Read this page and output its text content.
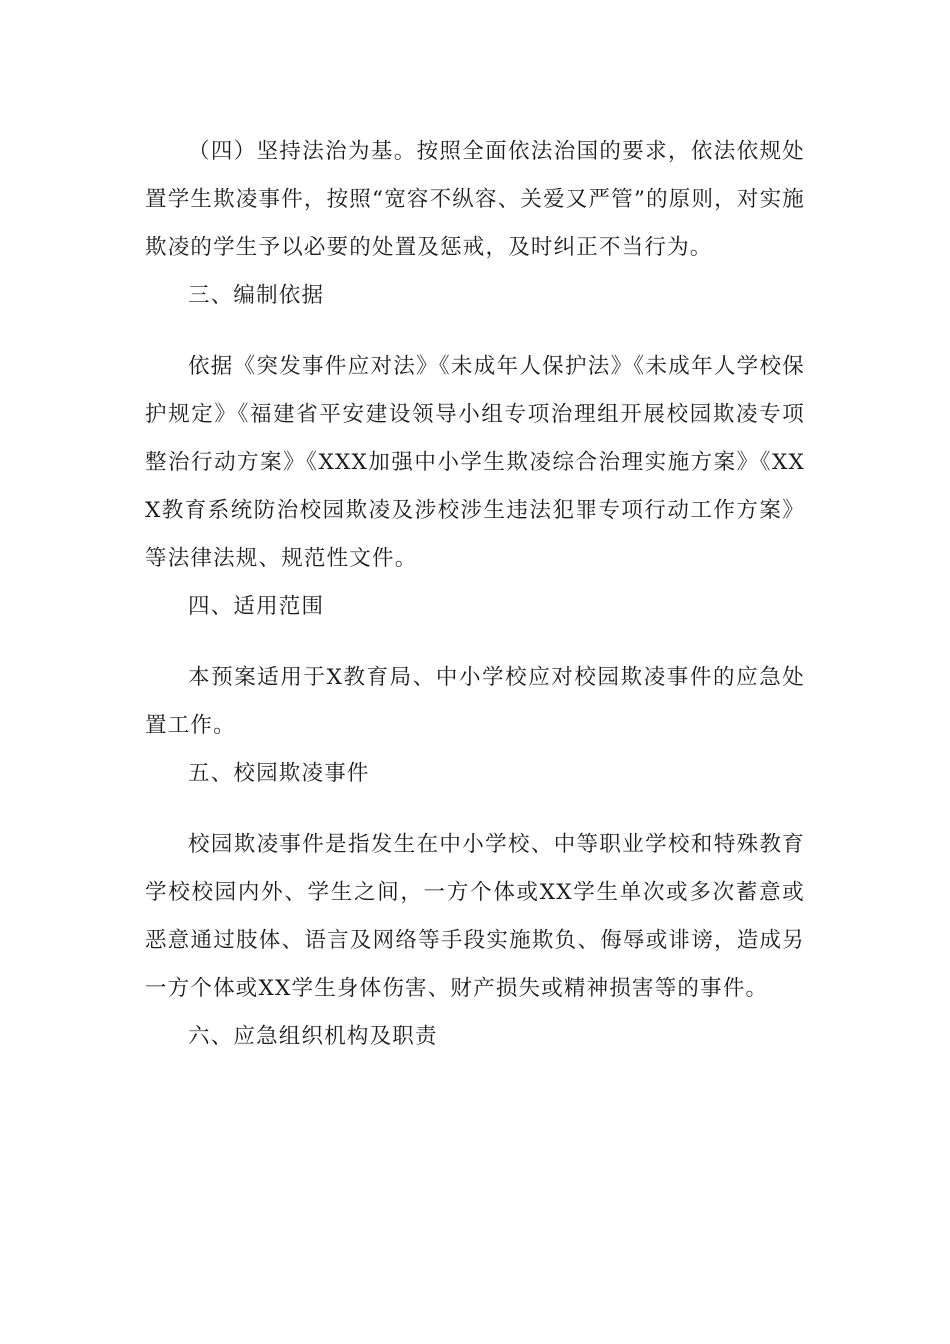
（四）坚持法治为基。按照全面依法治国的要求，依法依规处置学生欺凌事件，按照“宽容不纵容、关爱又严管”的原则，对实施欺凌的学生予以必要的处置及惩戒，及时纠正不当行为。

三、编制依据

依据《突发事件应对法》《未成年人保护法》《未成年人学校保护规定》《福建省平安建设领导小组专项治理组开展校园欺凌专项整治行动方案》《XXX加强中小学生欺凌综合治理实施方案》《XXX教育系统防治校园欺凌及涉校涉生违法犯罪专项行动工作方案》等法律法规、规范性文件。

四、适用范围

本预案适用于X教育局、中小学校应对校园欺凌事件的应急处置工作。

五、校园欺凌事件

校园欺凌事件是指发生在中小学校、中等职业学校和特殊教育学校校园内外、学生之间，一方个体或XX学生单次或多次蓄意或恶意通过肢体、语言及网络等手段实施欺负、侮辱或诽谤，造成另一方个体或XX学生身体伤害、财产损失或精神损害等的事件。

六、应急组织机构及职责
